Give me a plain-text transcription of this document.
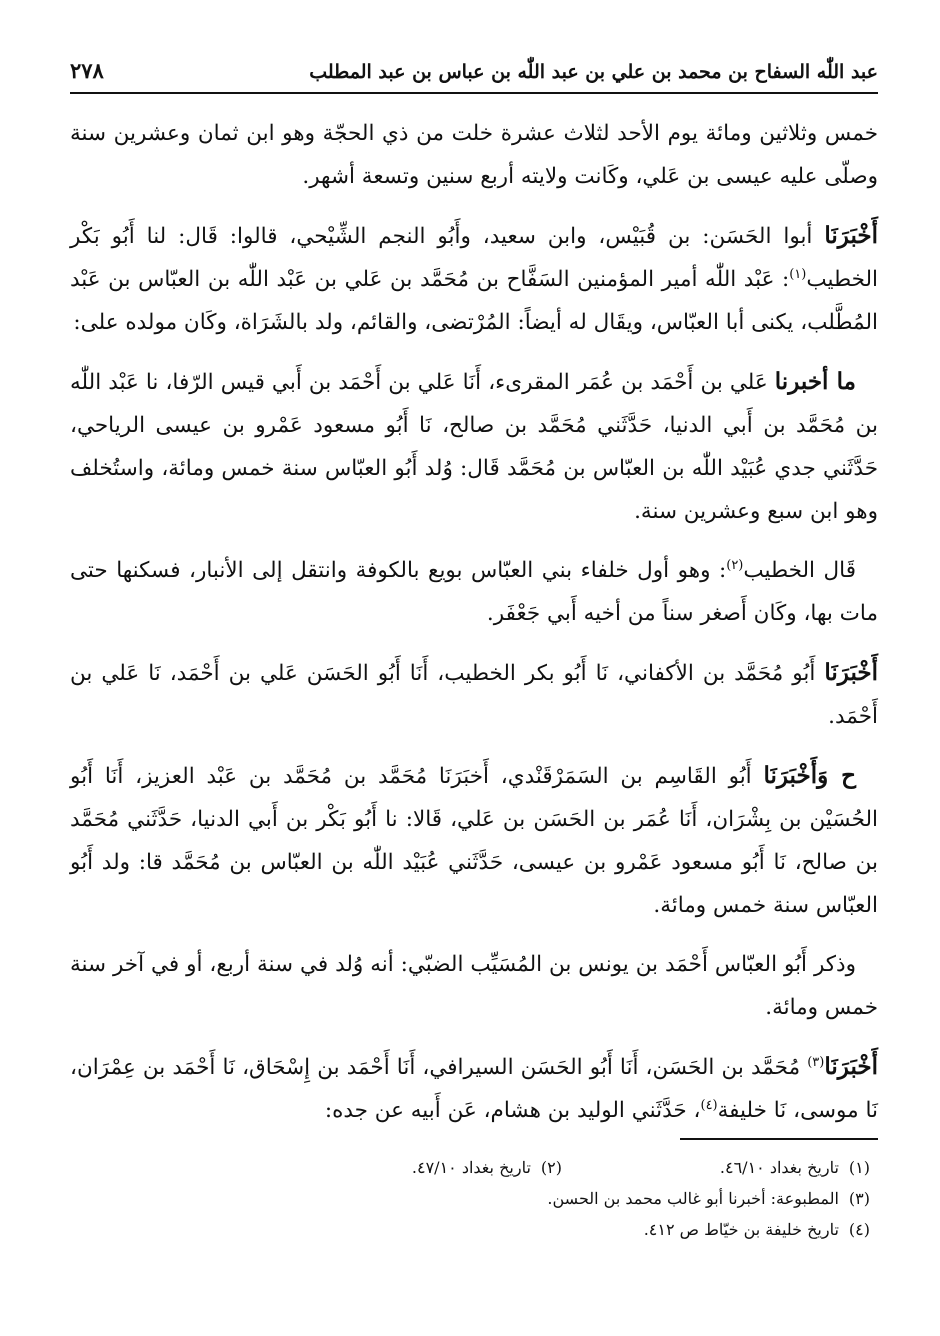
عبد اللّٰه السفاح بن محمد بن علي بن عبد اللّٰه بن عباس بن عبد المطلب
٢٧٨

خمس وثلاثين ومائة يوم الأحد لثلاث عشرة خلت من ذي الحجّة وهو ابن ثمان وعشرين سنة وصلّى عليه عيسى بن عَلي، وكَانت ولايته أربع سنين وتسعة أشهر.

أَخْبَرَنَا أبوا الحَسَن: بن قُبَيْس، وابن سعيد، وأَبُو النجم الشِّيْحي، قالوا: قَال: لنا أَبُو بَكْر الخطيب$^{(١)}$: عَبْد اللّٰه أمير المؤمنين السَفَّاح بن مُحَمَّد بن عَلي بن عَبْد اللّٰه بن العبّاس بن عَبْد المُطَّلب، يكنى أبا العبّاس، ويقَال له أيضاً: المُرْتضى، والقائم، ولد بالشَرَاة، وكَان مولده على:

ما أخبرنا عَلي بن أَحْمَد بن عُمَر المقرىء، أَنَا عَلي بن أَحْمَد بن أَبي قيس الرّفا، نا عَبْد اللّٰه بن مُحَمَّد بن أَبي الدنيا، حَدَّثَني مُحَمَّد بن صالح، نَا أَبُو مسعود عَمْرو بن عيسى الرياحي، حَدَّثَني جدي عُبَيْد اللّٰه بن العبّاس بن مُحَمَّد قَال: وُلد أَبُو العبّاس سنة خمس ومائة، واستُخلف وهو ابن سبع وعشرين سنة.

قَال الخطيب$^{(٢)}$: وهو أول خلفاء بني العبّاس بويع بالكوفة وانتقل إلى الأنبار، فسكنها حتى مات بها، وكَان أَصغر سناً من أخيه أَبي جَعْفَر.

أَخْبَرَنَا أَبُو مُحَمَّد بن الأكفاني، نَا أَبُو بكر الخطيب، أَنَا أَبُو الحَسَن عَلي بن أَحْمَد، نَا عَلي بن أَحْمَد.

ح وَأَخْبَرَنَا أَبُو القَاسِم بن السَمَرْقَنْدي، أَخبَرَنَا مُحَمَّد بن مُحَمَّد بن عَبْد العزيز، أَنَا أَبُو الحُسَيْن بن بِشْرَان، أَنَا عُمَر بن الحَسَن بن عَلي، قَالا: نا أَبُو بَكْر بن أَبي الدنيا، حَدَّثَني مُحَمَّد بن صالح، نَا أَبُو مسعود عَمْرو بن عيسى، حَدَّثَني عُبَيْد اللّٰه بن العبّاس بن مُحَمَّد قا: ولد أَبُو العبّاس سنة خمس ومائة.

وذكر أَبُو العبّاس أَحْمَد بن يونس بن المُسَيِّب الضبّي: أنه وُلد في سنة أربع، أو في آخر سنة خمس ومائة.

أَخْبَرَنَا$^{(٣)}$ مُحَمَّد بن الحَسَن، أَنَا أَبُو الحَسَن السيرافي، أَنَا أَحْمَد بن إِسْحَاق، نَا أَحْمَد بن عِمْرَان، نَا موسى، نَا خليفة$^{(٤)}$، حَدَّثَني الوليد بن هشام، عَن أَبيه عن جده:

(١)تاريخ بغداد ٤٦/١٠.
(٢)تاريخ بغداد ٤٧/١٠.
(٣)المطبوعة: أخبرنا أبو غالب محمد بن الحسن.
(٤)تاريخ خليفة بن خيّاط ص ٤١٢.
